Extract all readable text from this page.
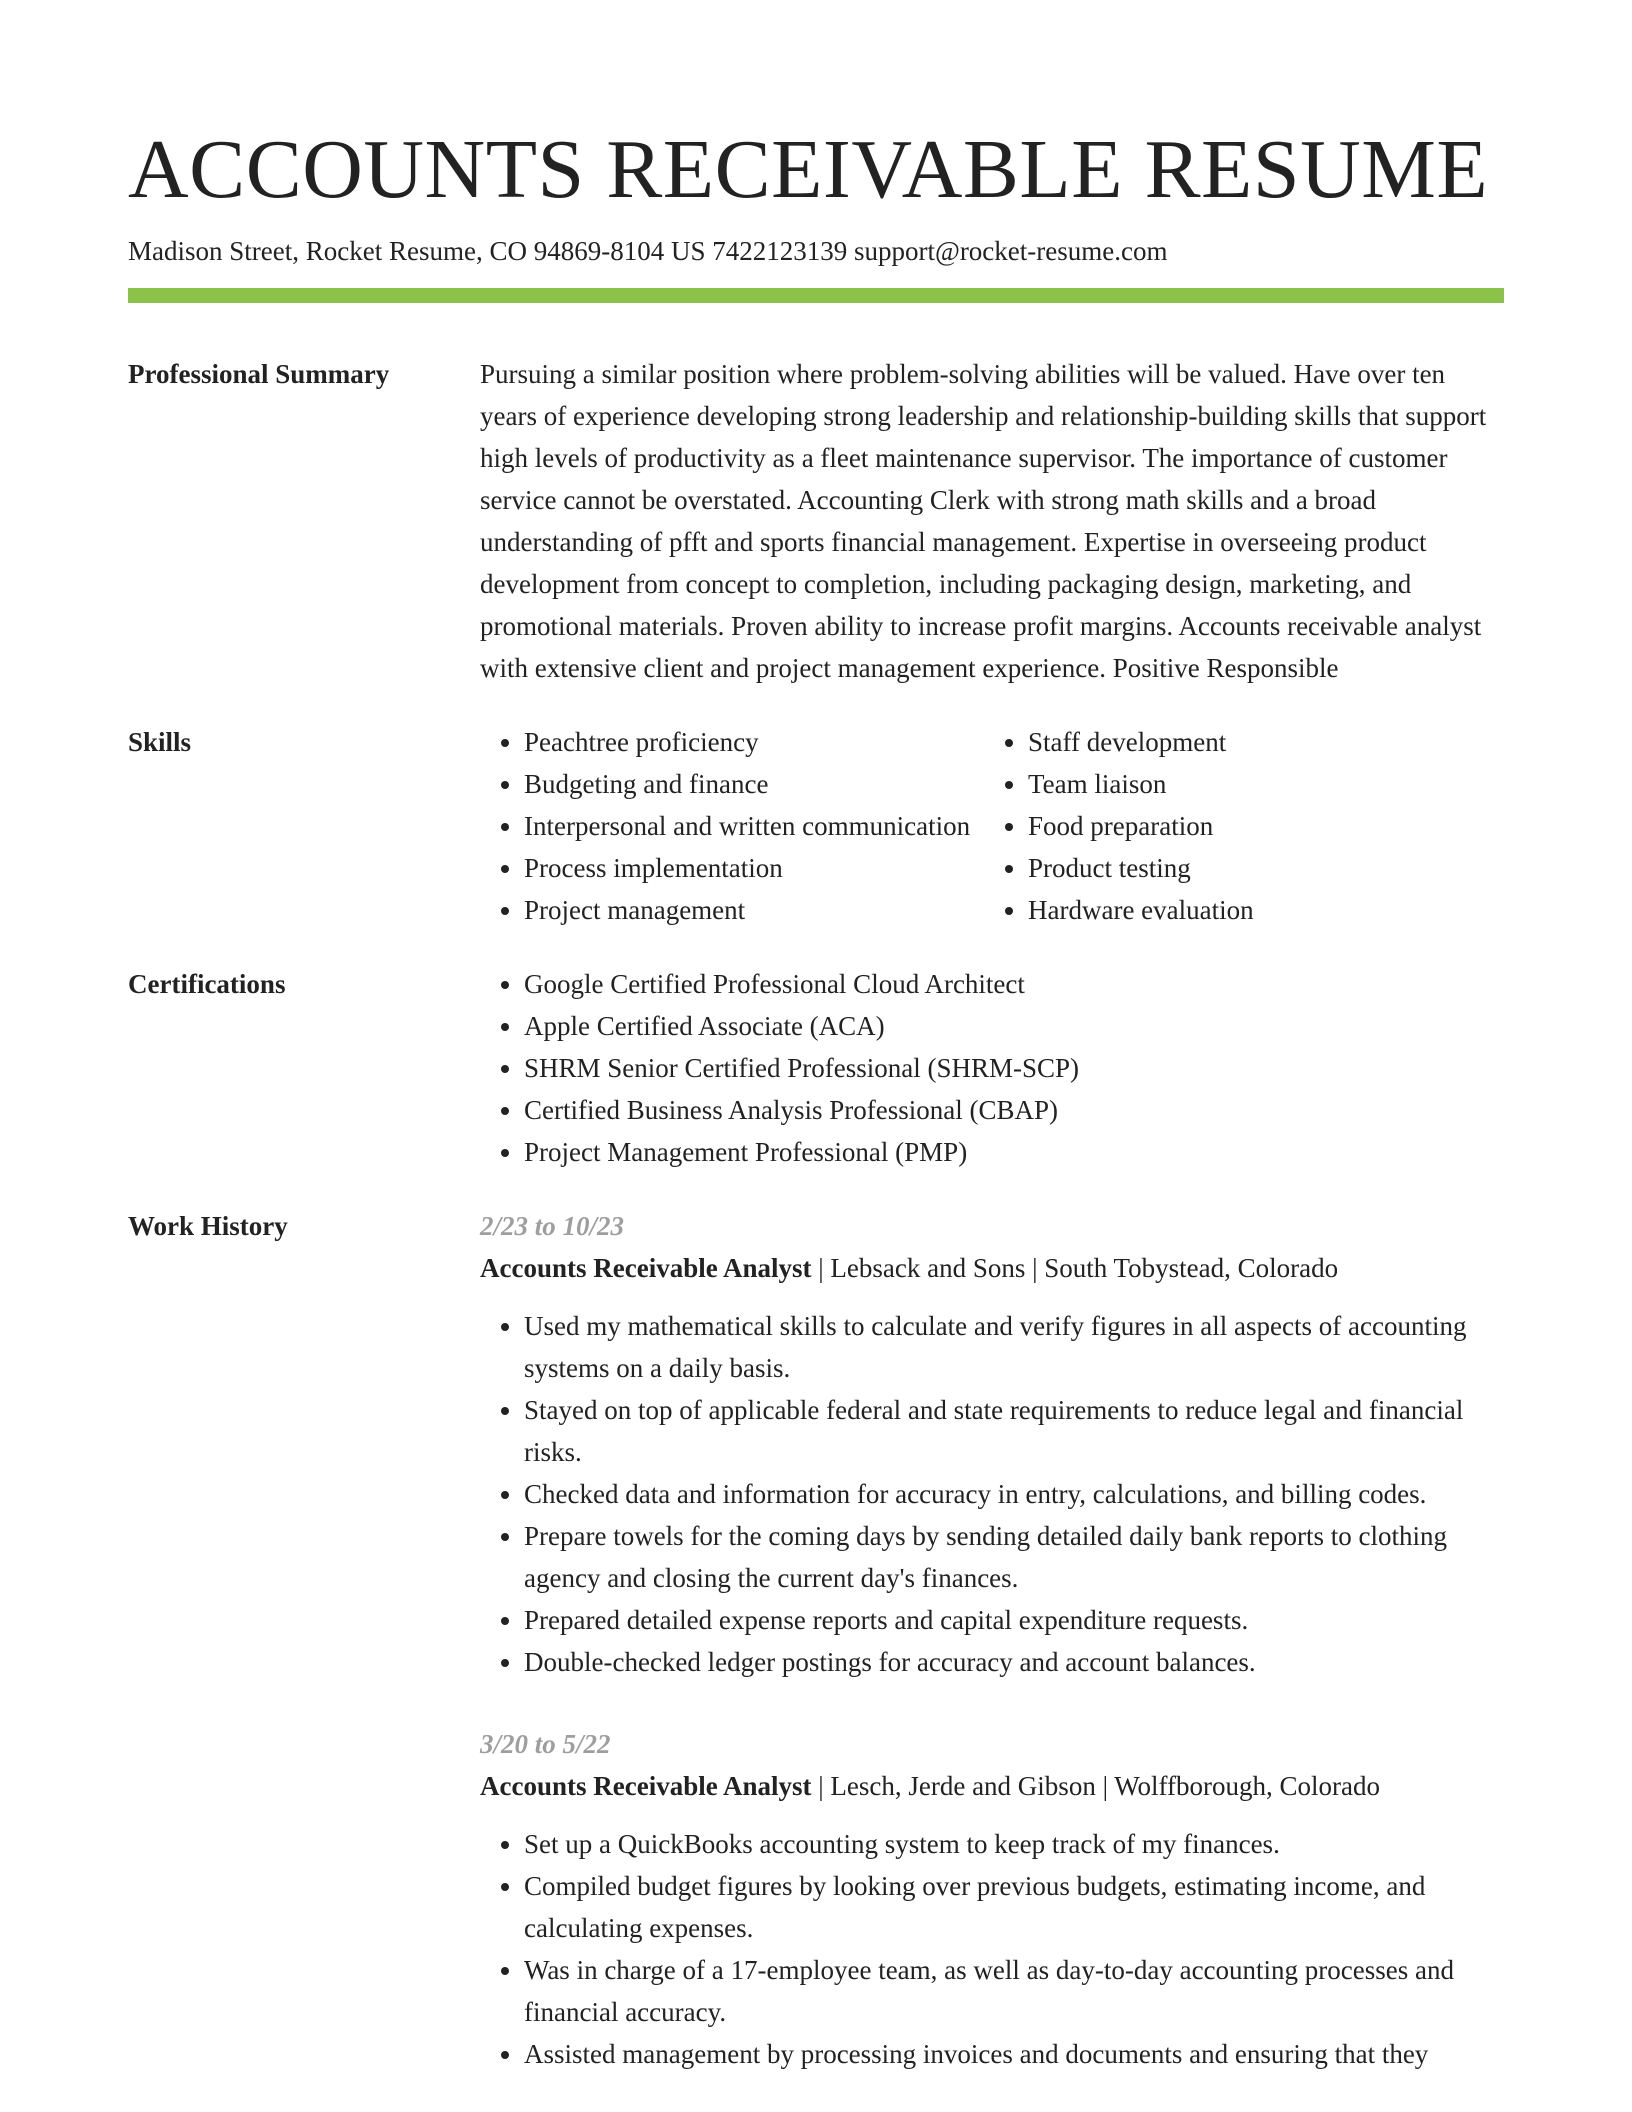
ACCOUNTS RECEIVABLE RESUME
Madison Street, Rocket Resume, CO 94869-8104 US 7422123139 support@rocket-resume.com
Professional Summary	Pursuing a similar position where problem-solving abilities will be valued. Have over ten years of experience developing strong leadership and relationship-building skills that support high levels of productivity as a fleet maintenance supervisor. The importance of customer service cannot be overstated. Accounting Clerk with strong math skills and a broad understanding of pfft and sports financial management. Expertise in overseeing product development from concept to completion, including packaging design, marketing, and promotional materials. Proven ability to increase profit margins. Accounts receivable analyst with extensive client and project management experience. Positive Responsible
Skills	• Peachtree proficiency
• Budgeting and finance
• Interpersonal and written communication
• Process implementation
• Project management
• Staff development
• Team liaison
• Food preparation
• Product testing
• Hardware evaluation
Certifications	• Google Certified Professional Cloud Architect
• Apple Certified Associate (ACA)
• SHRM Senior Certified Professional (SHRM-SCP)
• Certified Business Analysis Professional (CBAP)
• Project Management Professional (PMP)
Work History	2/23 to 10/23
Accounts Receivable Analyst | Lebsack and Sons | South Tobystead, Colorado
• Used my mathematical skills to calculate and verify figures in all aspects of accounting systems on a daily basis.
• Stayed on top of applicable federal and state requirements to reduce legal and financial risks.
• Checked data and information for accuracy in entry, calculations, and billing codes.
• Prepare towels for the coming days by sending detailed daily bank reports to clothing agency and closing the current day's finances.
• Prepared detailed expense reports and capital expenditure requests.
• Double-checked ledger postings for accuracy and account balances.
3/20 to 5/22
Accounts Receivable Analyst | Lesch, Jerde and Gibson | Wolffborough, Colorado
• Set up a QuickBooks accounting system to keep track of my finances.
• Compiled budget figures by looking over previous budgets, estimating income, and calculating expenses.
• Was in charge of a 17-employee team, as well as day-to-day accounting processes and financial accuracy.
• Assisted management by processing invoices and documents and ensuring that they
